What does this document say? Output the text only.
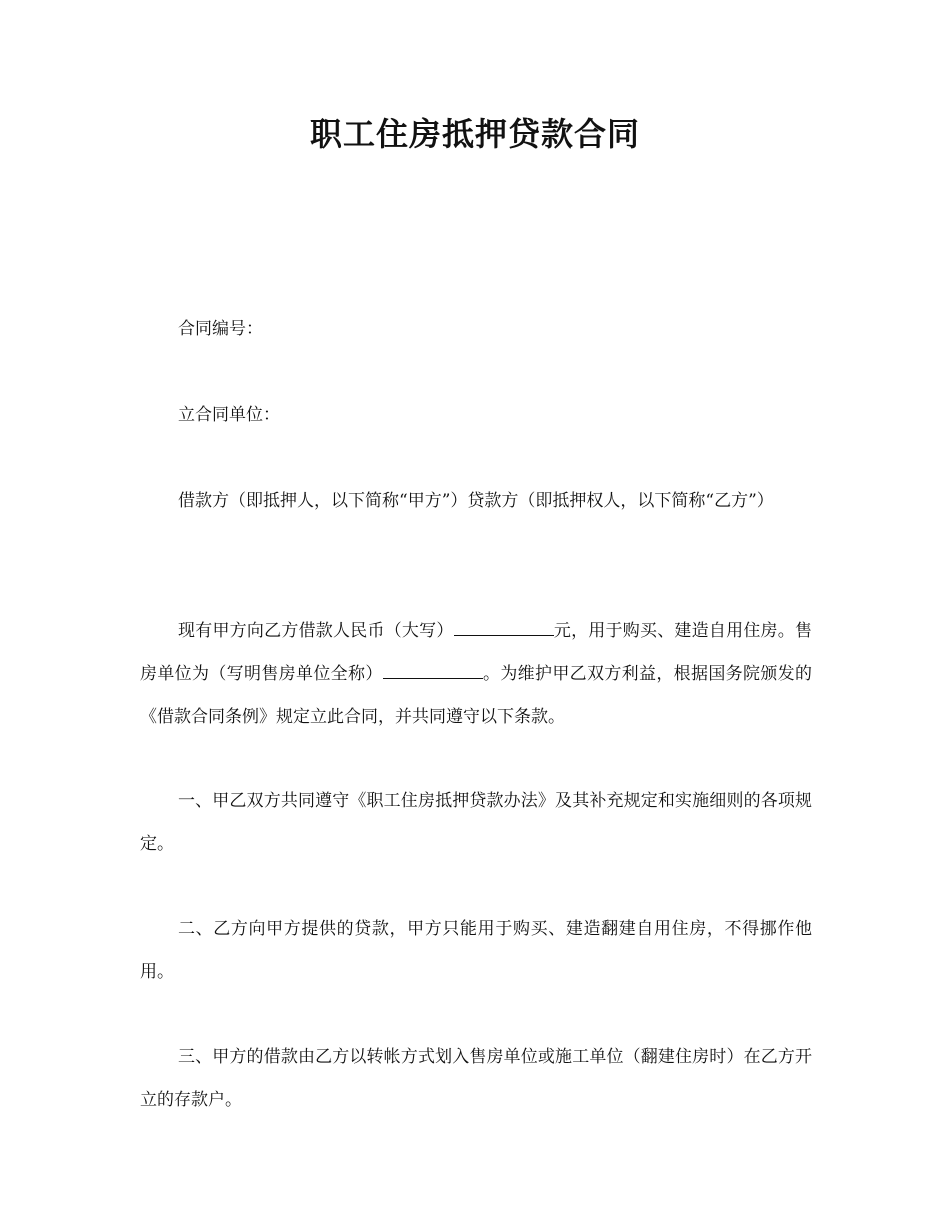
职工住房抵押贷款合同

合同编号：

立合同单位：

借款方（即抵押人，以下简称“甲方”）贷款方（即抵押权人，以下简称“乙方”）

现有甲方向乙方借款人民币（大写）	元，用于购买、建造自用住房。售房单位为（写明售房单位全称）	。为维护甲乙双方利益，根据国务院颁发的《借款合同条例》规定立此合同，并共同遵守以下条款。

一、甲乙双方共同遵守《职工住房抵押贷款办法》及其补充规定和实施细则的各项规定。

二、乙方向甲方提供的贷款，甲方只能用于购买、建造翻建自用住房，不得挪作他用。

三、甲方的借款由乙方以转帐方式划入售房单位或施工单位（翻建住房时）在乙方开立的存款户。
